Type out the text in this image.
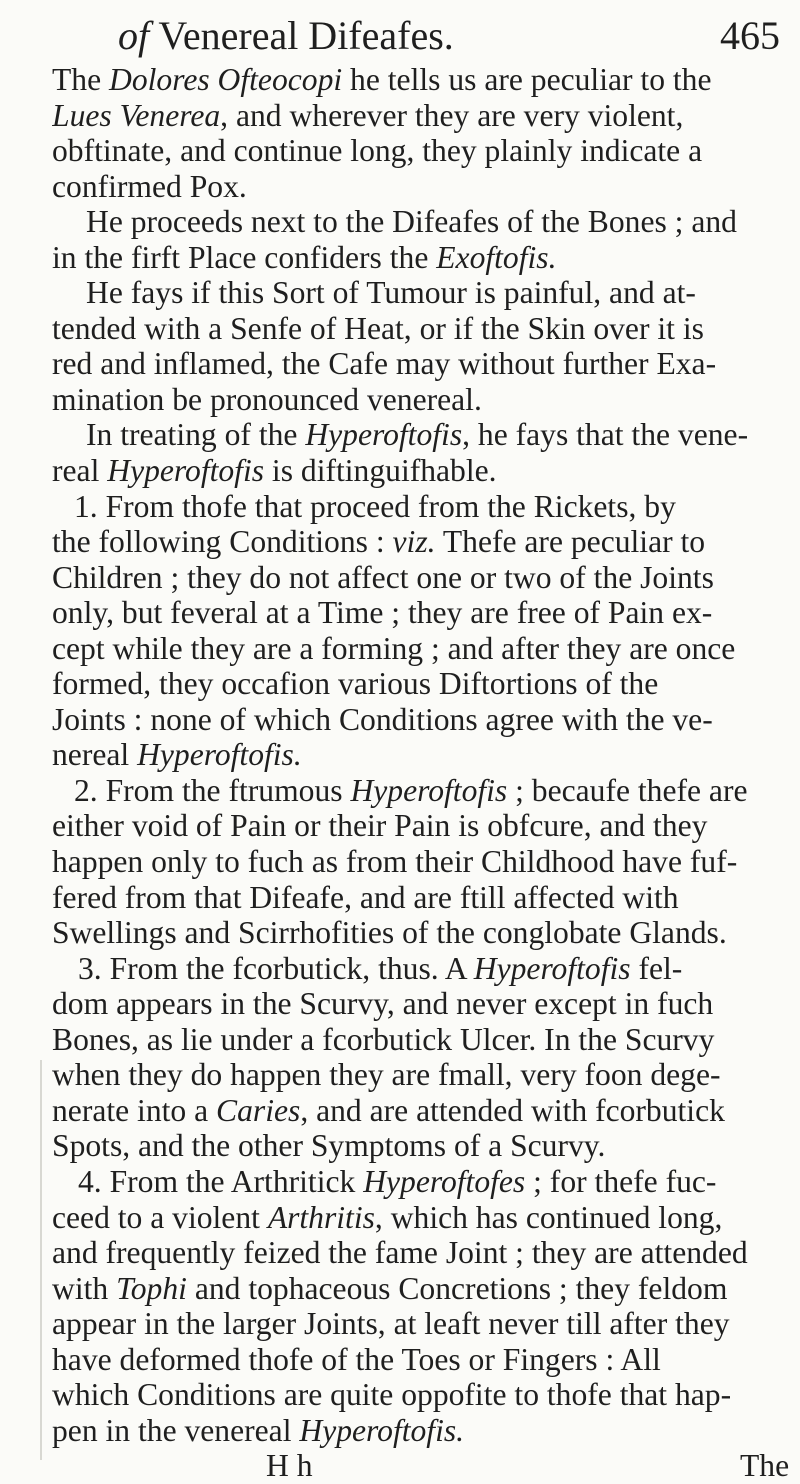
of Venereal Difeafes.	465
The Dolores Ofteocopi he tells us are peculiar to the
Lues Venerea, and wherever they are very violent,
obftinate, and continue long, they plainly indicate a
confirmed Pox.
He proceeds next to the Difeafes of the Bones ; and
in the firft Place confiders the Exoftofis.
He fays if this Sort of Tumour is painful, and at-
tended with a Senfe of Heat, or if the Skin over it is
red and inflamed, the Cafe may without further Exa-
mination be pronounced venereal.
In treating of the Hyperoftofis, he fays that the vene-
real Hyperoftofis is diftinguifhable.
1. From thofe that proceed from the Rickets, by
the following Conditions : viz. Thefe are peculiar to
Children ; they do not affect one or two of the Joints
only, but feveral at a Time ; they are free of Pain ex-
cept while they are a forming ; and after they are once
formed, they occafion various Diftortions of the
Joints : none of which Conditions agree with the ve-
nereal Hyperoftofis.
2. From the ftrumous Hyperoftofis ; becaufe thefe are
either void of Pain or their Pain is obfcure, and they
happen only to fuch as from their Childhood have fuf-
fered from that Difeafe, and are ftill affected with
Swellings and Scirrhofities of the conglobate Glands.
3. From the fcorbutick, thus. A Hyperoftofis fel-
dom appears in the Scurvy, and never except in fuch
Bones, as lie under a fcorbutick Ulcer. In the Scurvy
when they do happen they are fmall, very foon dege-
nerate into a Caries, and are attended with fcorbutick
Spots, and the other Symptoms of a Scurvy.
4. From the Arthritick Hyperoftofes ; for thefe fuc-
ceed to a violent Arthritis, which has continued long,
and frequently feized the fame Joint ; they are attended
with Tophi and tophaceous Concretions ; they feldom
appear in the larger Joints, at leaft never till after they
have deformed thofe of the Toes or Fingers : All
which Conditions are quite oppofite to thofe that hap-
pen in the venereal Hyperoftofis.
H h	The
